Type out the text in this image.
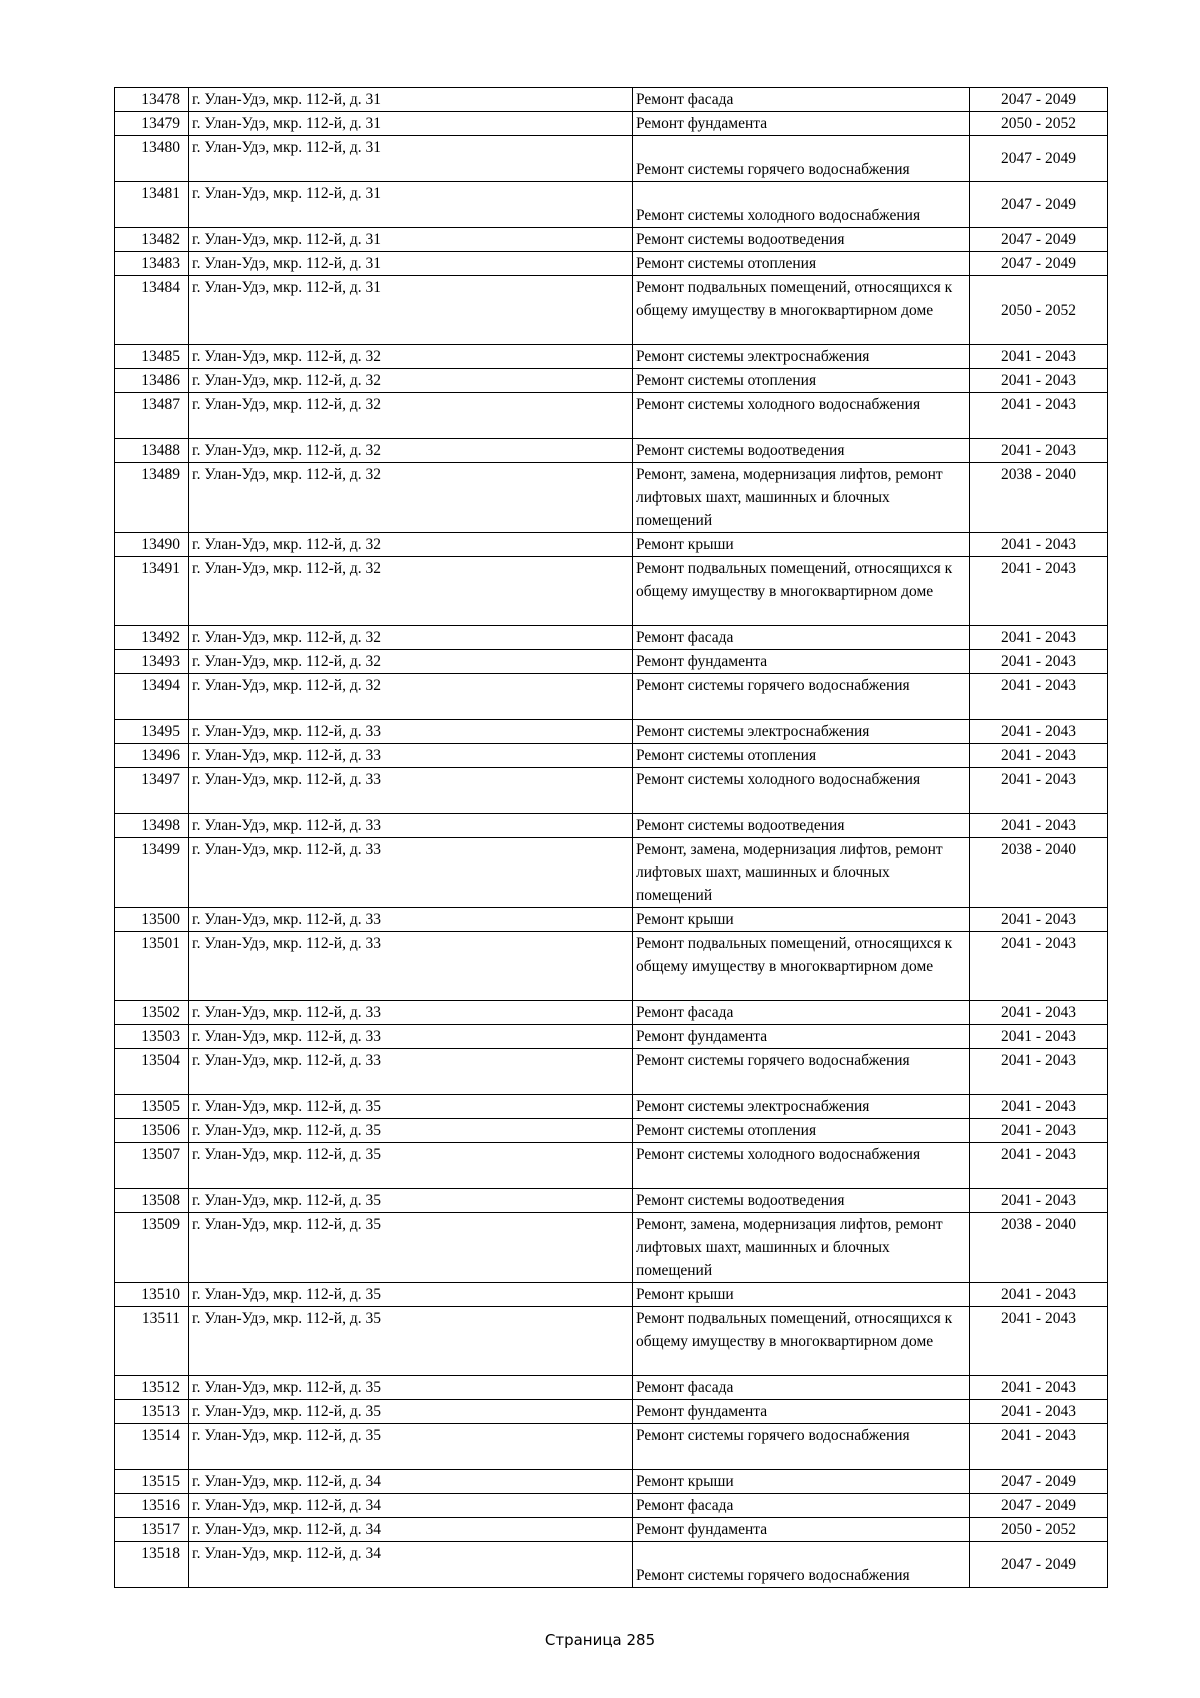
13478	г. Улан-Удэ, мкр. 112-й, д. 31	Ремонт фасада	2047 - 2049
13479	г. Улан-Удэ, мкр. 112-й, д. 31	Ремонт фундамента	2050 - 2052
13480	г. Улан-Удэ, мкр. 112-й, д. 31	Ремонт системы горячего водоснабжения	2047 - 2049
13481	г. Улан-Удэ, мкр. 112-й, д. 31	Ремонт системы холодного водоснабжения	2047 - 2049
13482	г. Улан-Удэ, мкр. 112-й, д. 31	Ремонт системы водоотведения	2047 - 2049
13483	г. Улан-Удэ, мкр. 112-й, д. 31	Ремонт системы отопления	2047 - 2049
13484	г. Улан-Удэ, мкр. 112-й, д. 31	Ремонт подвальных помещений, относящихся к общему имуществу в многоквартирном доме	2050 - 2052
13485	г. Улан-Удэ, мкр. 112-й, д. 32	Ремонт системы электроснабжения	2041 - 2043
13486	г. Улан-Удэ, мкр. 112-й, д. 32	Ремонт системы отопления	2041 - 2043
13487	г. Улан-Удэ, мкр. 112-й, д. 32	Ремонт системы холодного водоснабжения	2041 - 2043
13488	г. Улан-Удэ, мкр. 112-й, д. 32	Ремонт системы водоотведения	2041 - 2043
13489	г. Улан-Удэ, мкр. 112-й, д. 32	Ремонт, замена, модернизация лифтов, ремонт лифтовых шахт, машинных и блочных помещений	2038 - 2040
13490	г. Улан-Удэ, мкр. 112-й, д. 32	Ремонт крыши	2041 - 2043
13491	г. Улан-Удэ, мкр. 112-й, д. 32	Ремонт подвальных помещений, относящихся к общему имуществу в многоквартирном доме	2041 - 2043
13492	г. Улан-Удэ, мкр. 112-й, д. 32	Ремонт фасада	2041 - 2043
13493	г. Улан-Удэ, мкр. 112-й, д. 32	Ремонт фундамента	2041 - 2043
13494	г. Улан-Удэ, мкр. 112-й, д. 32	Ремонт системы горячего водоснабжения	2041 - 2043
13495	г. Улан-Удэ, мкр. 112-й, д. 33	Ремонт системы электроснабжения	2041 - 2043
13496	г. Улан-Удэ, мкр. 112-й, д. 33	Ремонт системы отопления	2041 - 2043
13497	г. Улан-Удэ, мкр. 112-й, д. 33	Ремонт системы холодного водоснабжения	2041 - 2043
13498	г. Улан-Удэ, мкр. 112-й, д. 33	Ремонт системы водоотведения	2041 - 2043
13499	г. Улан-Удэ, мкр. 112-й, д. 33	Ремонт, замена, модернизация лифтов, ремонт лифтовых шахт, машинных и блочных помещений	2038 - 2040
13500	г. Улан-Удэ, мкр. 112-й, д. 33	Ремонт крыши	2041 - 2043
13501	г. Улан-Удэ, мкр. 112-й, д. 33	Ремонт подвальных помещений, относящихся к общему имуществу в многоквартирном доме	2041 - 2043
13502	г. Улан-Удэ, мкр. 112-й, д. 33	Ремонт фасада	2041 - 2043
13503	г. Улан-Удэ, мкр. 112-й, д. 33	Ремонт фундамента	2041 - 2043
13504	г. Улан-Удэ, мкр. 112-й, д. 33	Ремонт системы горячего водоснабжения	2041 - 2043
13505	г. Улан-Удэ, мкр. 112-й, д. 35	Ремонт системы электроснабжения	2041 - 2043
13506	г. Улан-Удэ, мкр. 112-й, д. 35	Ремонт системы отопления	2041 - 2043
13507	г. Улан-Удэ, мкр. 112-й, д. 35	Ремонт системы холодного водоснабжения	2041 - 2043
13508	г. Улан-Удэ, мкр. 112-й, д. 35	Ремонт системы водоотведения	2041 - 2043
13509	г. Улан-Удэ, мкр. 112-й, д. 35	Ремонт, замена, модернизация лифтов, ремонт лифтовых шахт, машинных и блочных помещений	2038 - 2040
13510	г. Улан-Удэ, мкр. 112-й, д. 35	Ремонт крыши	2041 - 2043
13511	г. Улан-Удэ, мкр. 112-й, д. 35	Ремонт подвальных помещений, относящихся к общему имуществу в многоквартирном доме	2041 - 2043
13512	г. Улан-Удэ, мкр. 112-й, д. 35	Ремонт фасада	2041 - 2043
13513	г. Улан-Удэ, мкр. 112-й, д. 35	Ремонт фундамента	2041 - 2043
13514	г. Улан-Удэ, мкр. 112-й, д. 35	Ремонт системы горячего водоснабжения	2041 - 2043
13515	г. Улан-Удэ, мкр. 112-й, д. 34	Ремонт крыши	2047 - 2049
13516	г. Улан-Удэ, мкр. 112-й, д. 34	Ремонт фасада	2047 - 2049
13517	г. Улан-Удэ, мкр. 112-й, д. 34	Ремонт фундамента	2050 - 2052
13518	г. Улан-Удэ, мкр. 112-й, д. 34	Ремонт системы горячего водоснабжения	2047 - 2049
Страница 285
